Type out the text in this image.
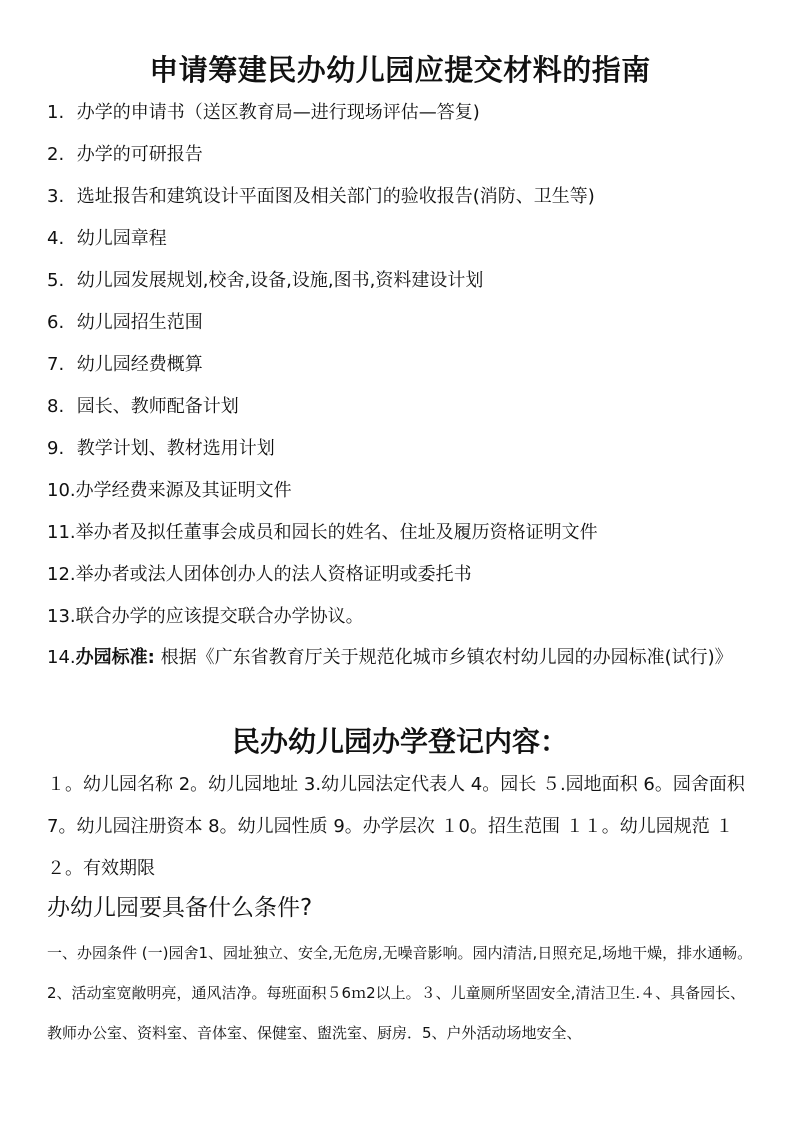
申请筹建民办幼儿园应提交材料的指南
1. 办学的申请书（送区教育局—进行现场评估—答复)
2. 办学的可研报告
3. 选址报告和建筑设计平面图及相关部门的验收报告(消防、卫生等)
4. 幼儿园章程
5. 幼儿园发展规划,校舍,设备,设施,图书,资料建设计划
6. 幼儿园招生范围
7. 幼儿园经费概算
8. 园长、教师配备计划
9. 教学计划、教材选用计划
10.办学经费来源及其证明文件
11.举办者及拟任董事会成员和园长的姓名、住址及履历资格证明文件
12.举办者或法人团体创办人的法人资格证明或委托书
13.联合办学的应该提交联合办学协议。
14.办园标准: 根据《广东省教育厅关于规范化城市乡镇农村幼儿园的办园标准(试行)》
民办幼儿园办学登记内容：
１。幼儿园名称 2。幼儿园地址 3.幼儿园法定代表人 4。园长 ５.园地面积 6。园舍面积 7。幼儿园注册资本 8。幼儿园性质 9。办学层次 １0。招生范围 １１。幼儿园规范 １２。有效期限
办幼儿园要具备什么条件?
一、办园条件 (一)园舍1、园址独立、安全,无危房,无噪音影响。园内清洁,日照充足,场地干燥，排水通畅。2、活动室宽敞明亮，通风洁净。每班面积５6ｍ2以上。３、儿童厕所坚固安全,清洁卫生.４、具备园长、教师办公室、资料室、音体室、保健室、盥洗室、厨房．5、户外活动场地安全、
